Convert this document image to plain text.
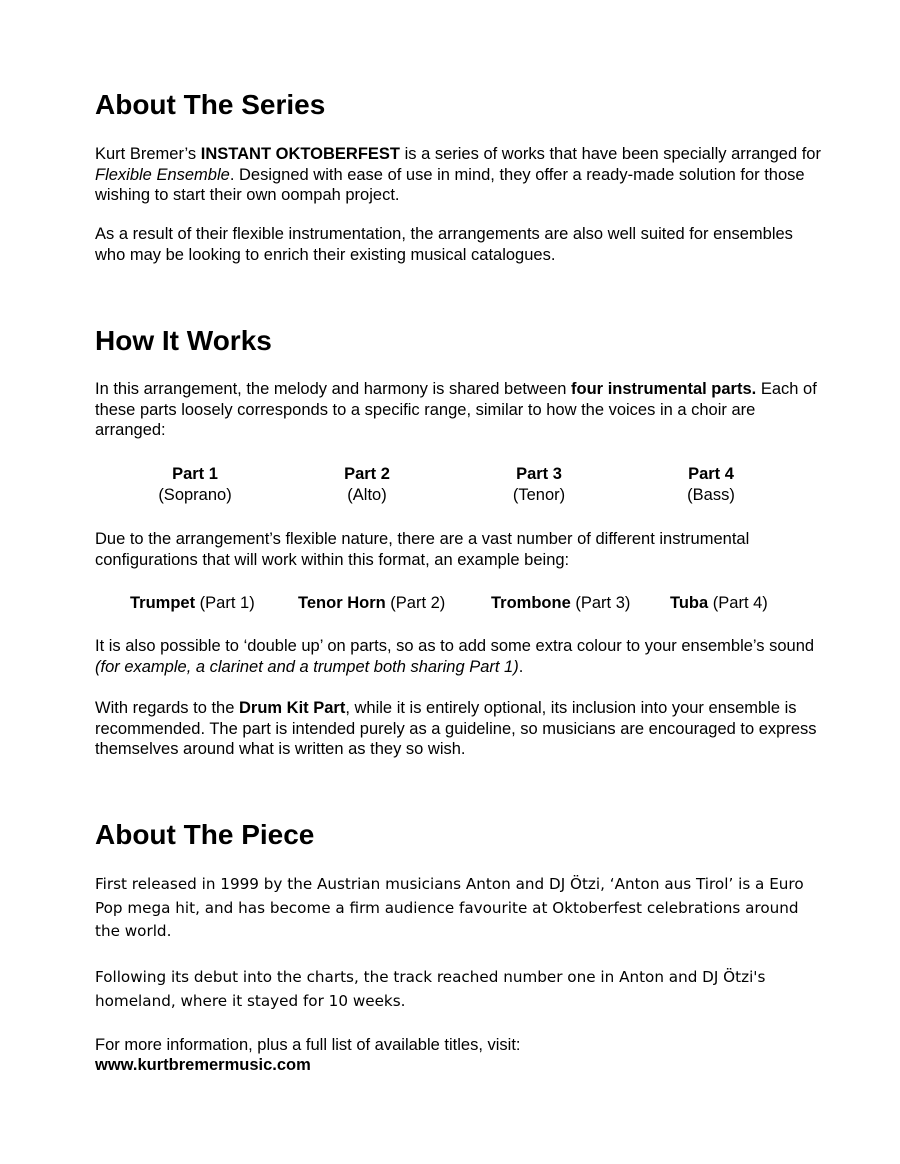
About The Series

Kurt Bremer’s INSTANT OKTOBERFEST is a series of works that have been specially arranged for Flexible Ensemble. Designed with ease of use in mind, they offer a ready-made solution for those wishing to start their own oompah project.

As a result of their flexible instrumentation, the arrangements are also well suited for ensembles who may be looking to enrich their existing musical catalogues.

How It Works

In this arrangement, the melody and harmony is shared between four instrumental parts. Each of these parts loosely corresponds to a specific range, similar to how the voices in a choir are arranged:

Part 1
(Soprano)
Part 2
(Alto)
Part 3
(Tenor)
Part 4
(Bass)

Due to the arrangement’s flexible nature, there are a vast number of different instrumental configurations that will work within this format, an example being:

Trumpet (Part 1)	Tenor Horn (Part 2)	Trombone (Part 3) Tuba (Part 4)

It is also possible to ‘double up’ on parts, so as to add some extra colour to your ensemble’s sound (for example, a clarinet and a trumpet both sharing Part 1).

With regards to the Drum Kit Part, while it is entirely optional, its inclusion into your ensemble is recommended. The part is intended purely as a guideline, so musicians are encouraged to express themselves around what is written as they so wish.

About The Piece

First released in 1999 by the Austrian musicians Anton and DJ Ötzi, ‘Anton aus Tirol’ is a Euro Pop mega hit, and has become a firm audience favourite at Oktoberfest celebrations around the world.

Following its debut into the charts, the track reached number one in Anton and DJ Ötzi's homeland, where it stayed for 10 weeks.

For more information, plus a full list of available titles, visit:

www.kurtbremermusic.com
